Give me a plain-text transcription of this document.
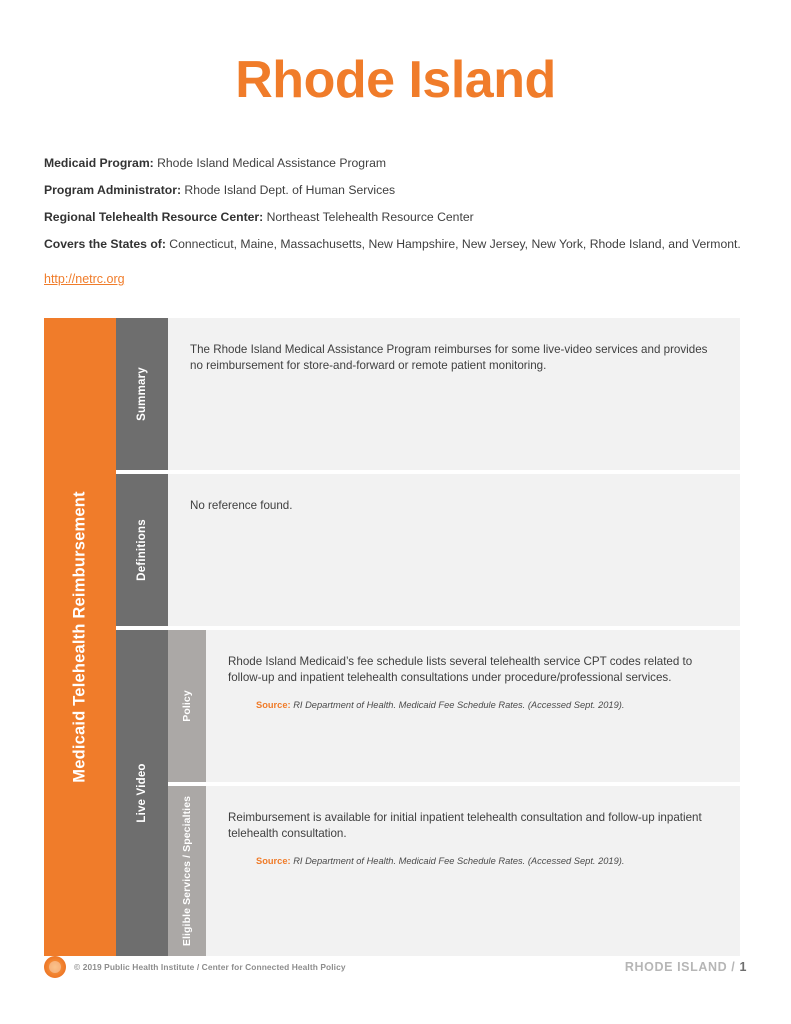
Rhode Island
Medicaid Program: Rhode Island Medical Assistance Program
Program Administrator: Rhode Island Dept. of Human Services
Regional Telehealth Resource Center: Northeast Telehealth Resource Center
Covers the States of: Connecticut, Maine, Massachusetts, New Hampshire, New Jersey, New York, Rhode Island, and Vermont.
http://netrc.org
Medicaid Telehealth Reimbursement
Summary

The Rhode Island Medical Assistance Program reimburses for some live-video services and provides no reimbursement for store-and-forward or remote patient monitoring.

Definitions

No reference found.

Live Video
Policy

Rhode Island Medicaid’s fee schedule lists several telehealth service CPT codes related to follow-up and inpatient telehealth consultations under procedure/professional services.

Source: RI Department of Health. Medicaid Fee Schedule Rates. (Accessed Sept. 2019).
Eligible Services / Specialties	Reimbursement is available for initial inpatient telehealth consultation and follow-up inpatient telehealth consultation.

Source: RI Department of Health. Medicaid Fee Schedule Rates. (Accessed Sept. 2019).
© 2019 Public Health Institute / Center for Connected Health Policy	RHODE ISLAND / 1
